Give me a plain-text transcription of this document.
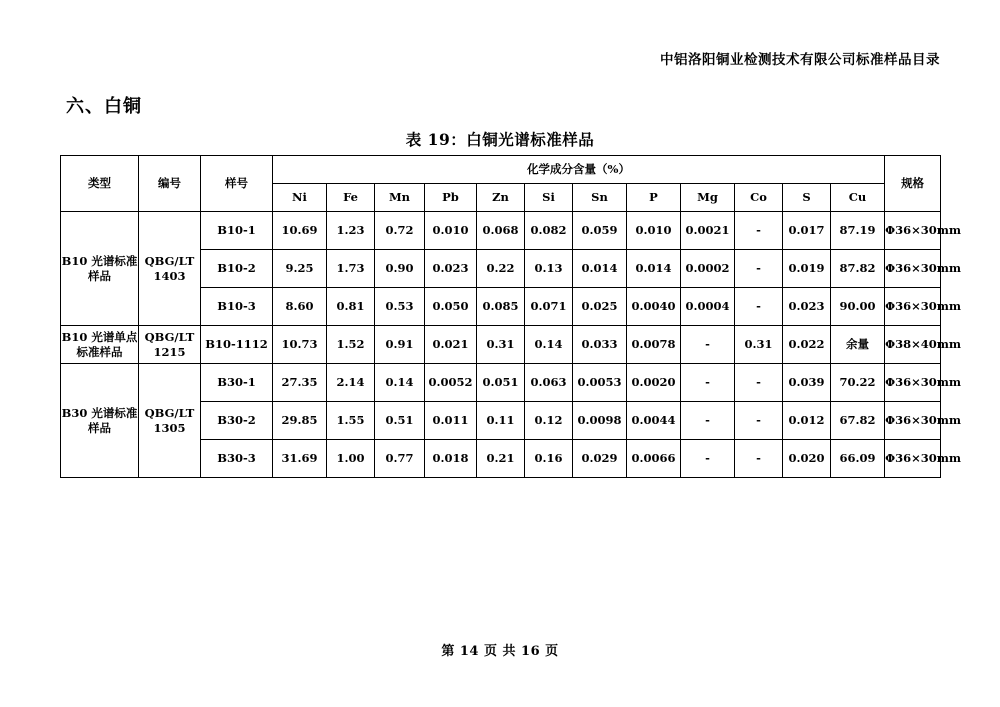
中铝洛阳铜业检测技术有限公司标准样品目录
六、白铜
表 19：白铜光谱标准样品
类型	编号	样号	化学成分含量（%）												规格
			Ni	Fe	Mn	Pb	Zn	Si	Sn	P	Mg	Co	S	Cu	
B10 光谱标准样品	QBG/LT 1403	B10-1	10.69	1.23	0.72	0.010	0.068	0.082	0.059	0.010	0.0021	-	0.017	87.19	Φ36×30mm
		B10-2	9.25	1.73	0.90	0.023	0.22	0.13	0.014	0.014	0.0002	-	0.019	87.82	Φ36×30mm
		B10-3	8.60	0.81	0.53	0.050	0.085	0.071	0.025	0.0040	0.0004	-	0.023	90.00	Φ36×30mm
B10 光谱单点标准样品	QBG/LT 1215	B10-1112	10.73	1.52	0.91	0.021	0.31	0.14	0.033	0.0078	-	0.31	0.022	余量	Φ38×40mm
B30 光谱标准样品	QBG/LT 1305	B30-1	27.35	2.14	0.14	0.0052	0.051	0.063	0.0053	0.0020	-	-	0.039	70.22	Φ36×30mm
		B30-2	29.85	1.55	0.51	0.011	0.11	0.12	0.0098	0.0044	-	-	0.012	67.82	Φ36×30mm
		B30-3	31.69	1.00	0.77	0.018	0.21	0.16	0.029	0.0066	-	-	0.020	66.09	Φ36×30mm
第 14 页 共 16 页
